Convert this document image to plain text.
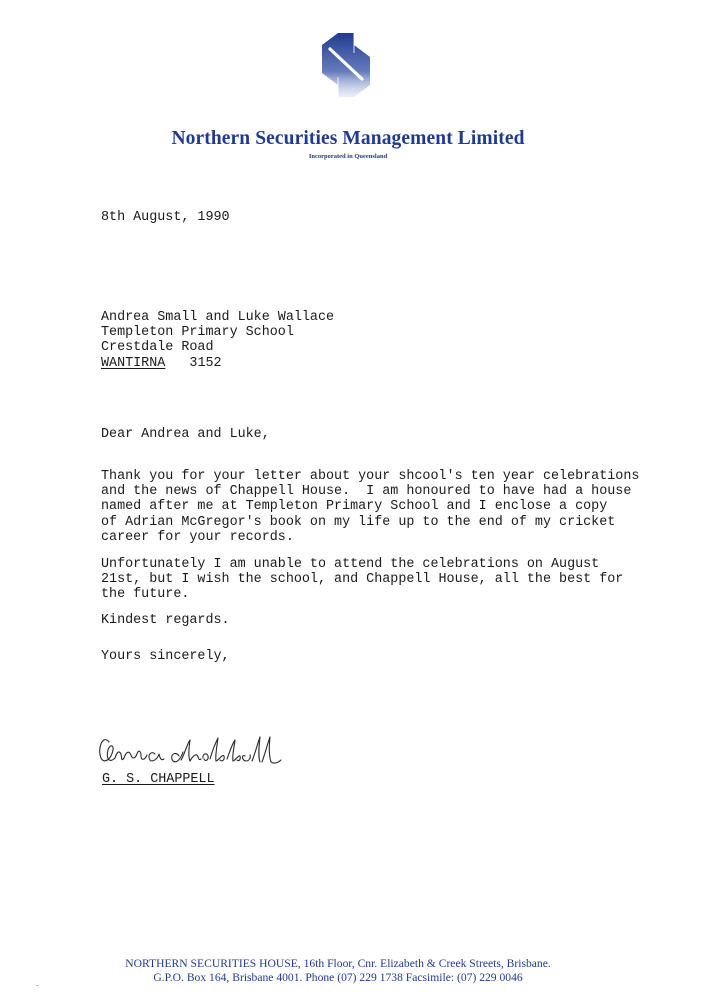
Northern Securities Management Limited
Incorporated in Queensland
8th August, 1990
Andrea Small and Luke Wallace
Templeton Primary School
Crestdale Road
WANTIRNA 3152
Dear Andrea and Luke,
Thank you for your letter about your shcool's ten year celebrations
and the news of Chappell House.  I am honoured to have had a house
named after me at Templeton Primary School and I enclose a copy
of Adrian McGregor's book on my life up to the end of my cricket
career for your records.
Unfortunately I am unable to attend the celebrations on August
21st, but I wish the school, and Chappell House, all the best for
the future.
Kindest regards.
Yours sincerely,
G. S. CHAPPELL
NORTHERN SECURITIES HOUSE, 16th Floor, Cnr. Elizabeth & Creek Streets, Brisbane.
G.P.O. Box 164, Brisbane 4001. Phone (07) 229 1738 Facsimile: (07) 229 0046
